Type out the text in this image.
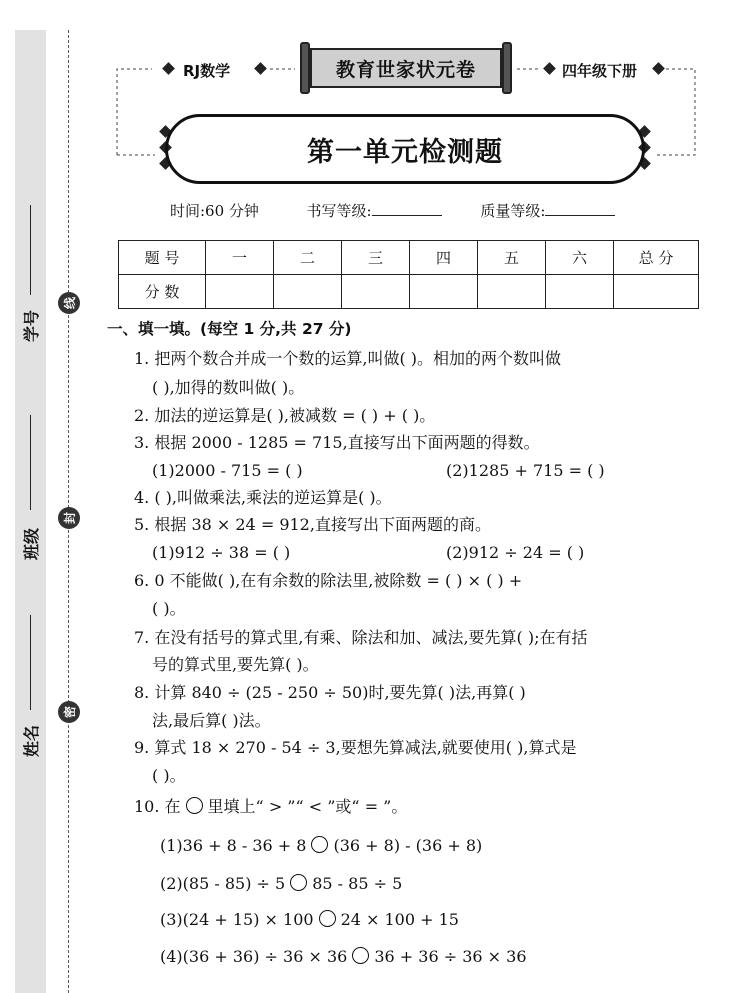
学号
班级
姓名
线
封
密
RJ数学	教育世家状元卷	四年级下册
第一单元检测题
时间:60 分钟	书写等级:	质量等级:
题 号	一	二	三	四	五	六	总 分
分 数							
一、填一填。(每空 1 分,共 27 分)
1. 把两个数合并成一个数的运算,叫做( )。相加的两个数叫做
( ),加得的数叫做( )。
2. 加法的逆运算是( ),被减数 = ( ) + ( )。
3. 根据 2000 - 1285 = 715,直接写出下面两题的得数。
(1)2000 - 715 = ( )	(2)1285 + 715 = ( )
4. ( ),叫做乘法,乘法的逆运算是( )。
5. 根据 38 × 24 = 912,直接写出下面两题的商。
(1)912 ÷ 38 = ( )	(2)912 ÷ 24 = ( )
6. 0 不能做( ),在有余数的除法里,被除数 = ( ) × ( ) +
( )。
7. 在没有括号的算式里,有乘、除法和加、减法,要先算( );在有括
号的算式里,要先算( )。
8. 计算 840 ÷ (25 - 250 ÷ 50)时,要先算( )法,再算( )
法,最后算( )法。
9. 算式 18 × 270 - 54 ÷ 3,要想先算减法,就要使用( ),算式是
( )。
10. 在 里填上“ > ”“ < ”或“ = ”。
(1)36 + 8 - 36 + 8 (36 + 8) - (36 + 8)
(2)(85 - 85) ÷ 5 85 - 85 ÷ 5
(3)(24 + 15) × 100 24 × 100 + 15
(4)(36 + 36) ÷ 36 × 36 36 + 36 ÷ 36 × 36
